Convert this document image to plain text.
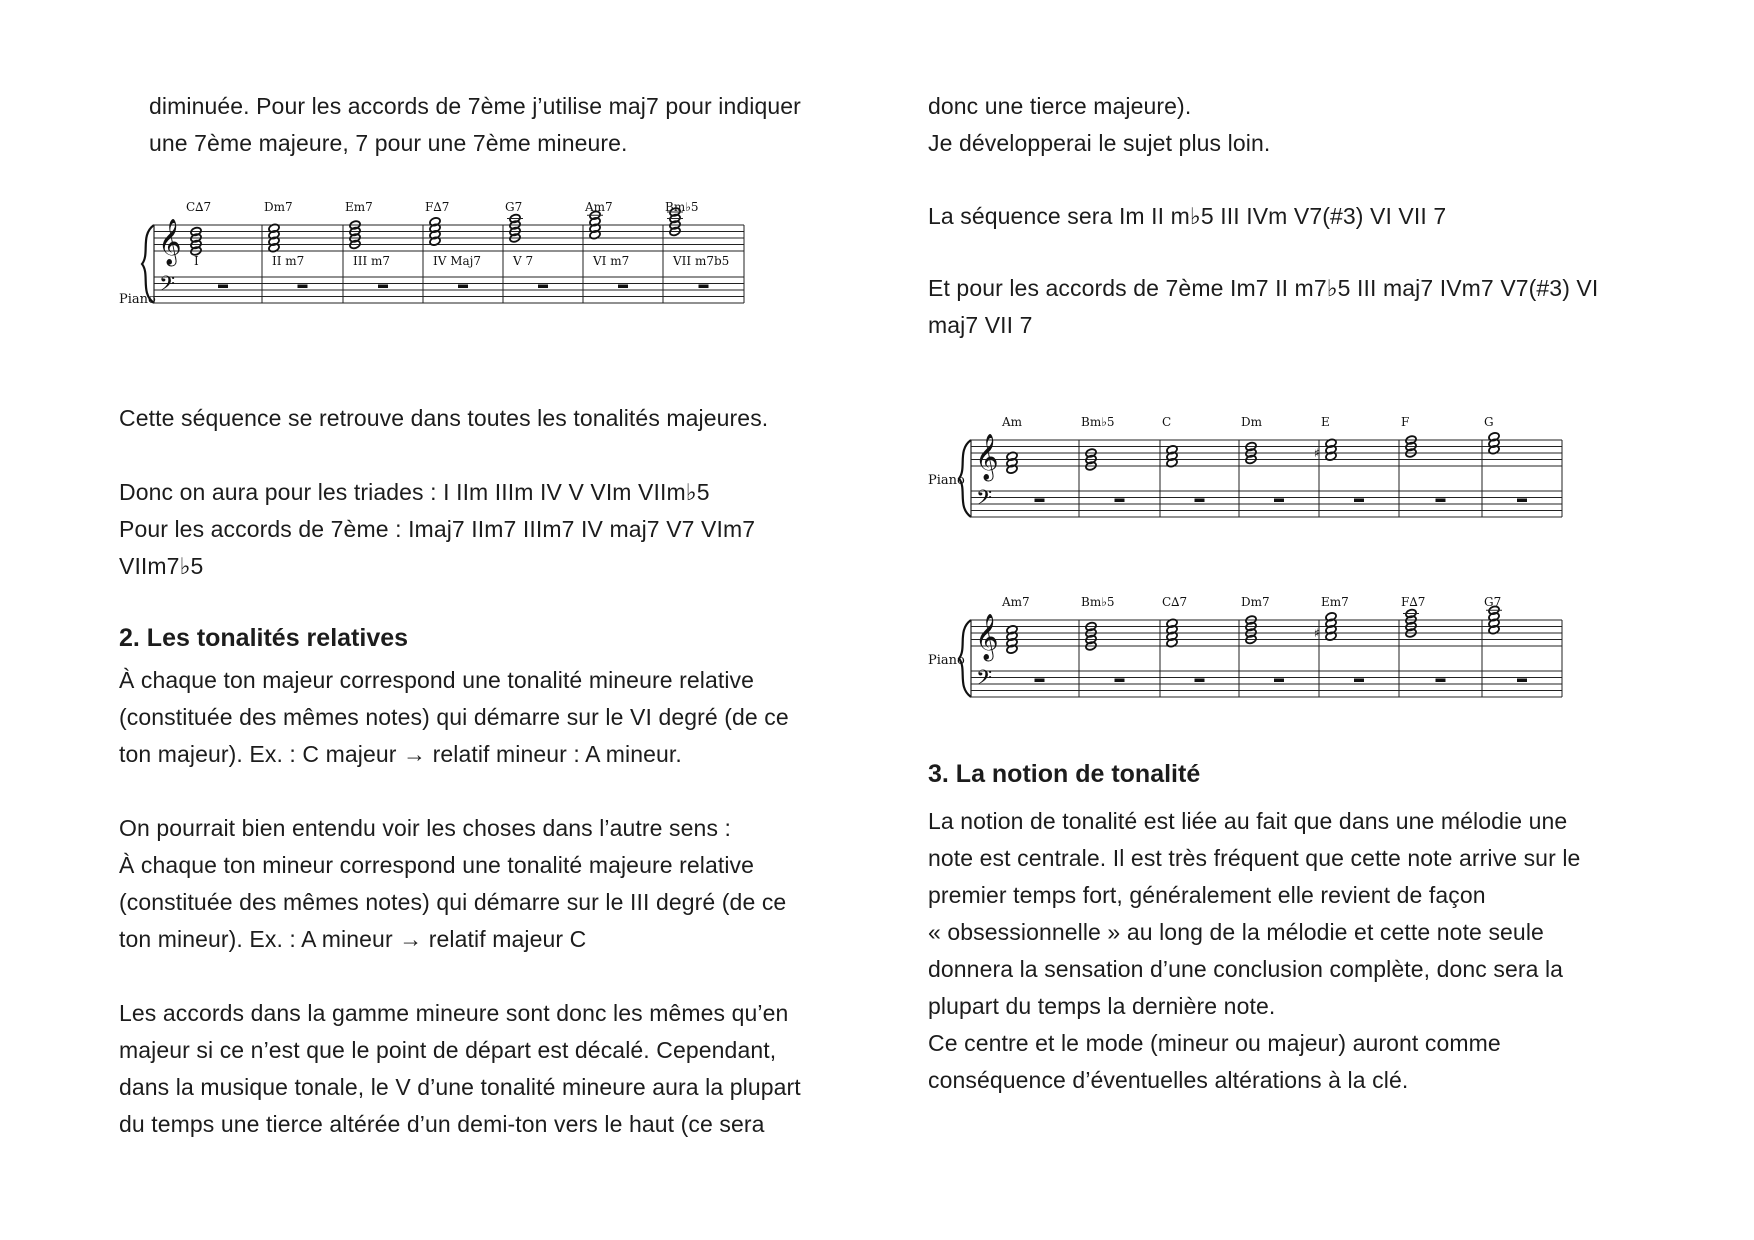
diminuée. Pour les accords de 7ème j’utilise maj7 pour indiquer
une 7ème majeure, 7 pour une 7ème mineure.

Piano
𝄞
𝄢
C∆7	Dm7	Em7	F∆7	G7	Am7	Bm♭5
I	II m7	III m7	IV Maj7	V 7	VI m7	VII m7b5

Cette séquence se retrouve dans toutes les tonalités majeures.

Donc on aura pour les triades : I IIm IIIm IV V VIm VIIm♭5
Pour les accords de 7ème : Imaj7 IIm7 IIIm7 IV maj7 V7 VIm7
VIIm7♭5

2. Les tonalités relatives

À chaque ton majeur correspond une tonalité mineure relative
(constituée des mêmes notes) qui démarre sur le VI degré (de ce
ton majeur). Ex. : C majeur → relatif mineur : A mineur.

On pourrait bien entendu voir les choses dans l’autre sens :
À chaque ton mineur correspond une tonalité majeure relative
(constituée des mêmes notes) qui démarre sur le III degré (de ce
ton mineur). Ex. : A mineur → relatif majeur C

Les accords dans la gamme mineure sont donc les mêmes qu’en
majeur si ce n’est que le point de départ est décalé. Cependant,
dans la musique tonale, le V d’une tonalité mineure aura la plupart
du temps une tierce altérée d’un demi-ton vers le haut (ce sera

donc une tierce majeure).
Je développerai le sujet plus loin.

La séquence sera Im II m♭5 III IVm V7(#3) VI VII 7

Et pour les accords de 7ème Im7 II m7♭5 III maj7 IVm7 V7(#3) VI
maj7 VII 7

Piano
𝄞
𝄢
Am	Bm♭5	C	Dm	E	F	G
♯
Piano
𝄞
𝄢
Am7	Bm♭5	C∆7	Dm7	Em7	F∆7	G7
♯
3. La notion de tonalité

La notion de tonalité est liée au fait que dans une mélodie une
note est centrale. Il est très fréquent que cette note arrive sur le
premier temps fort, généralement elle revient de façon
« obsessionnelle » au long de la mélodie et cette note seule
donnera la sensation d’une conclusion complète, donc sera la
plupart du temps la dernière note.
Ce centre et le mode (mineur ou majeur) auront comme
conséquence d’éventuelles altérations à la clé.
